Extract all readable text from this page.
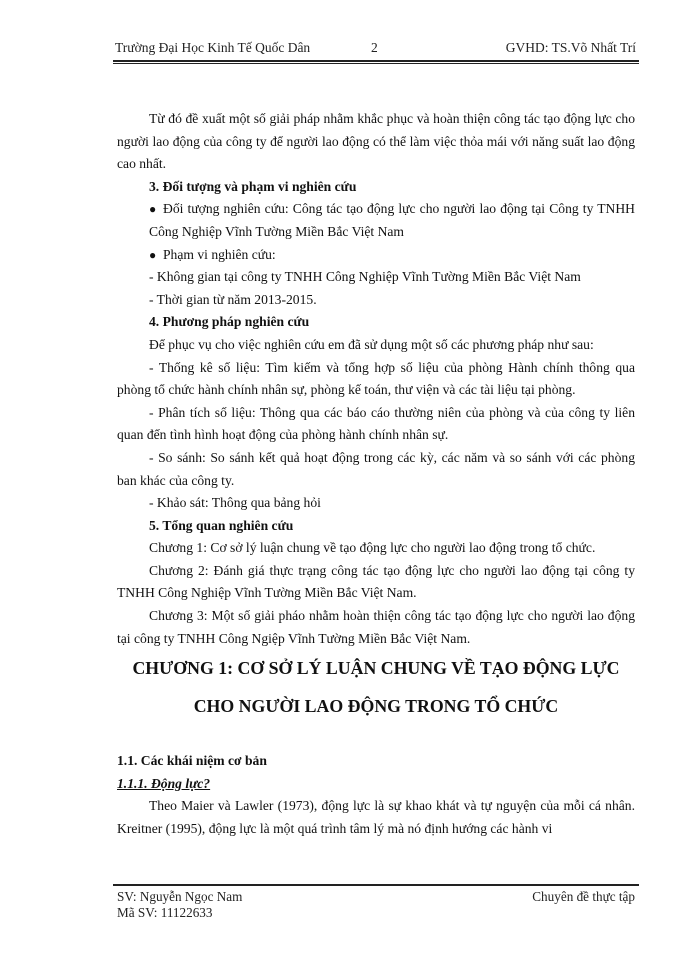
Trường Đại Học Kinh Tế Quốc Dân	2	GVHD: TS.Võ Nhất Trí

Từ đó đề xuất một số giải pháp nhằm khắc phục và hoàn thiện công tác tạo động lực cho người lao động của công ty để người lao động có thể làm việc thỏa mái với năng suất lao động cao nhất.

3. Đối tượng và phạm vi nghiên cứu

● Đối tượng nghiên cứu: Công tác tạo động lực cho người lao động tại Công ty TNHH Công Nghiệp Vĩnh Tường Miền Bắc Việt Nam

● Phạm vi nghiên cứu:

- Không gian tại công ty TNHH Công Nghiệp Vĩnh Tường Miền Bắc Việt Nam

- Thời gian từ năm 2013-2015.

4. Phương pháp nghiên cứu

Để phục vụ cho việc nghiên cứu em đã sử dụng một số các phương pháp như sau:

- Thống kê số liệu: Tìm kiếm và tổng hợp số liệu của phòng Hành chính thông qua phòng tổ chức hành chính nhân sự, phòng kế toán, thư viện và các tài liệu tại phòng.

- Phân tích số liệu: Thông qua các báo cáo thường niên của phòng và của công ty liên quan đến tình hình hoạt động của phòng hành chính nhân sự.

- So sánh: So sánh kết quả hoạt động trong các kỳ, các năm và so sánh với các phòng ban khác của công ty.

- Khảo sát: Thông qua bảng hỏi

5. Tổng quan nghiên cứu

Chương 1: Cơ sở lý luận chung về tạo động lực cho người lao động trong tổ chức.

Chương 2: Đánh giá thực trạng công tác tạo động lực cho người lao động tại công ty TNHH Công Nghiệp Vĩnh Tường Miền Bắc Việt Nam.

Chương 3: Một số giải pháo nhằm hoàn thiện công tác tạo động lực cho người lao động tại công ty TNHH Công Ngiệp Vĩnh Tường Miền Bắc Việt Nam.

CHƯƠNG 1: CƠ SỞ LÝ LUẬN CHUNG VỀ TẠO ĐỘNG LỰC

CHO NGƯỜI LAO ĐỘNG TRONG TỔ CHỨC

1.1. Các khái niệm cơ bản

1.1.1. Động lực?

Theo Maier và Lawler (1973), động lực là sự khao khát và tự nguyện của mỗi cá nhân. Kreitner (1995), động lực là một quá trình tâm lý mà nó định hướng các hành vi

SV: Nguyễn Ngọc Nam
Mã SV: 11122633
Chuyên đề thực tập
